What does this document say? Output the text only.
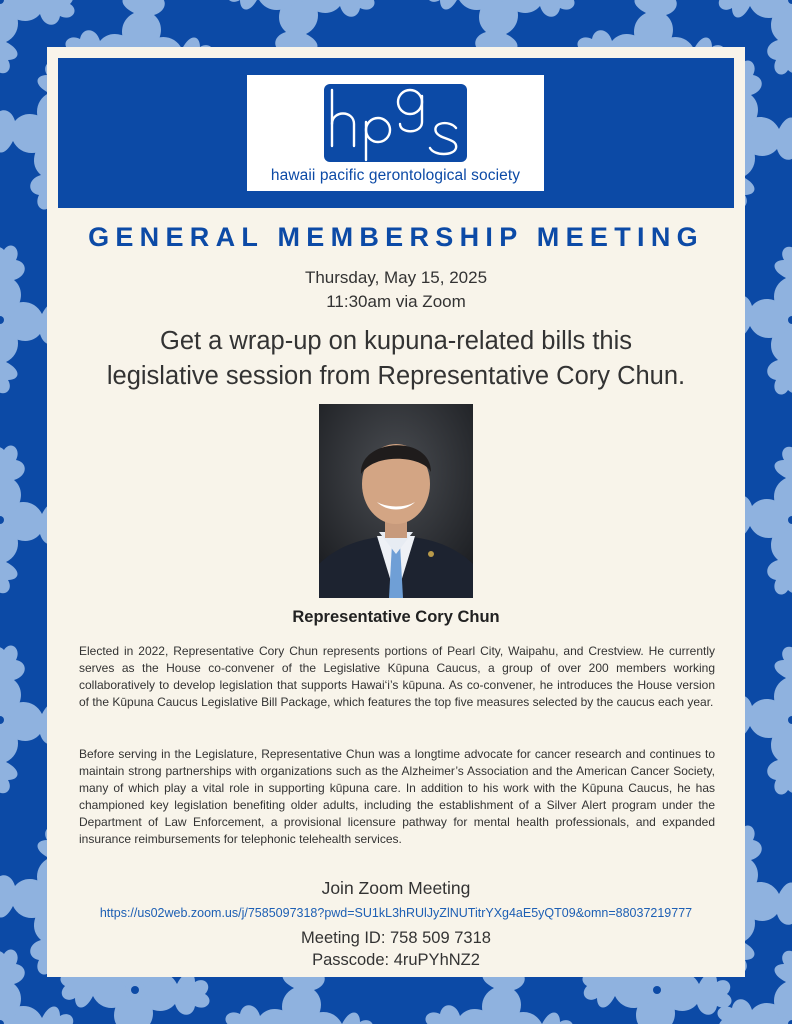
hawaii pacific gerontological society
GENERAL MEMBERSHIP MEETING
Thursday, May 15, 2025
11:30am via Zoom
Get a wrap-up on kupuna-related bills this
legislative session from Representative Cory Chun.
Representative Cory Chun

Elected in 2022, Representative Cory Chun represents portions of Pearl City, Waipahu, and Crestview. He currently serves as the House co-convener of the Legislative Kūpuna Caucus, a group of over 200 members working collaboratively to develop legislation that supports Hawai‘i’s kūpuna. As co-convener, he introduces the House version of the Kūpuna Caucus Legislative Bill Package, which features the top five measures selected by the caucus each year.

Before serving in the Legislature, Representative Chun was a longtime advocate for cancer research and continues to maintain strong partnerships with organizations such as the Alzheimer’s Association and the American Cancer Society, many of which play a vital role in supporting kūpuna care. In addition to his work with the Kūpuna Caucus, he has championed key legislation benefiting older adults, including the establishment of a Silver Alert program under the Department of Law Enforcement, a provisional licensure pathway for mental health professionals, and expanded insurance reimbursements for telephonic telehealth services.

Join Zoom Meeting
https://us02web.zoom.us/j/7585097318?pwd=SU1kL3hRUlJyZlNUTitrYXg4aE5yQT09&omn=88037219777
Meeting ID: 758 509 7318
Passcode: 4ruPYhNZ2
